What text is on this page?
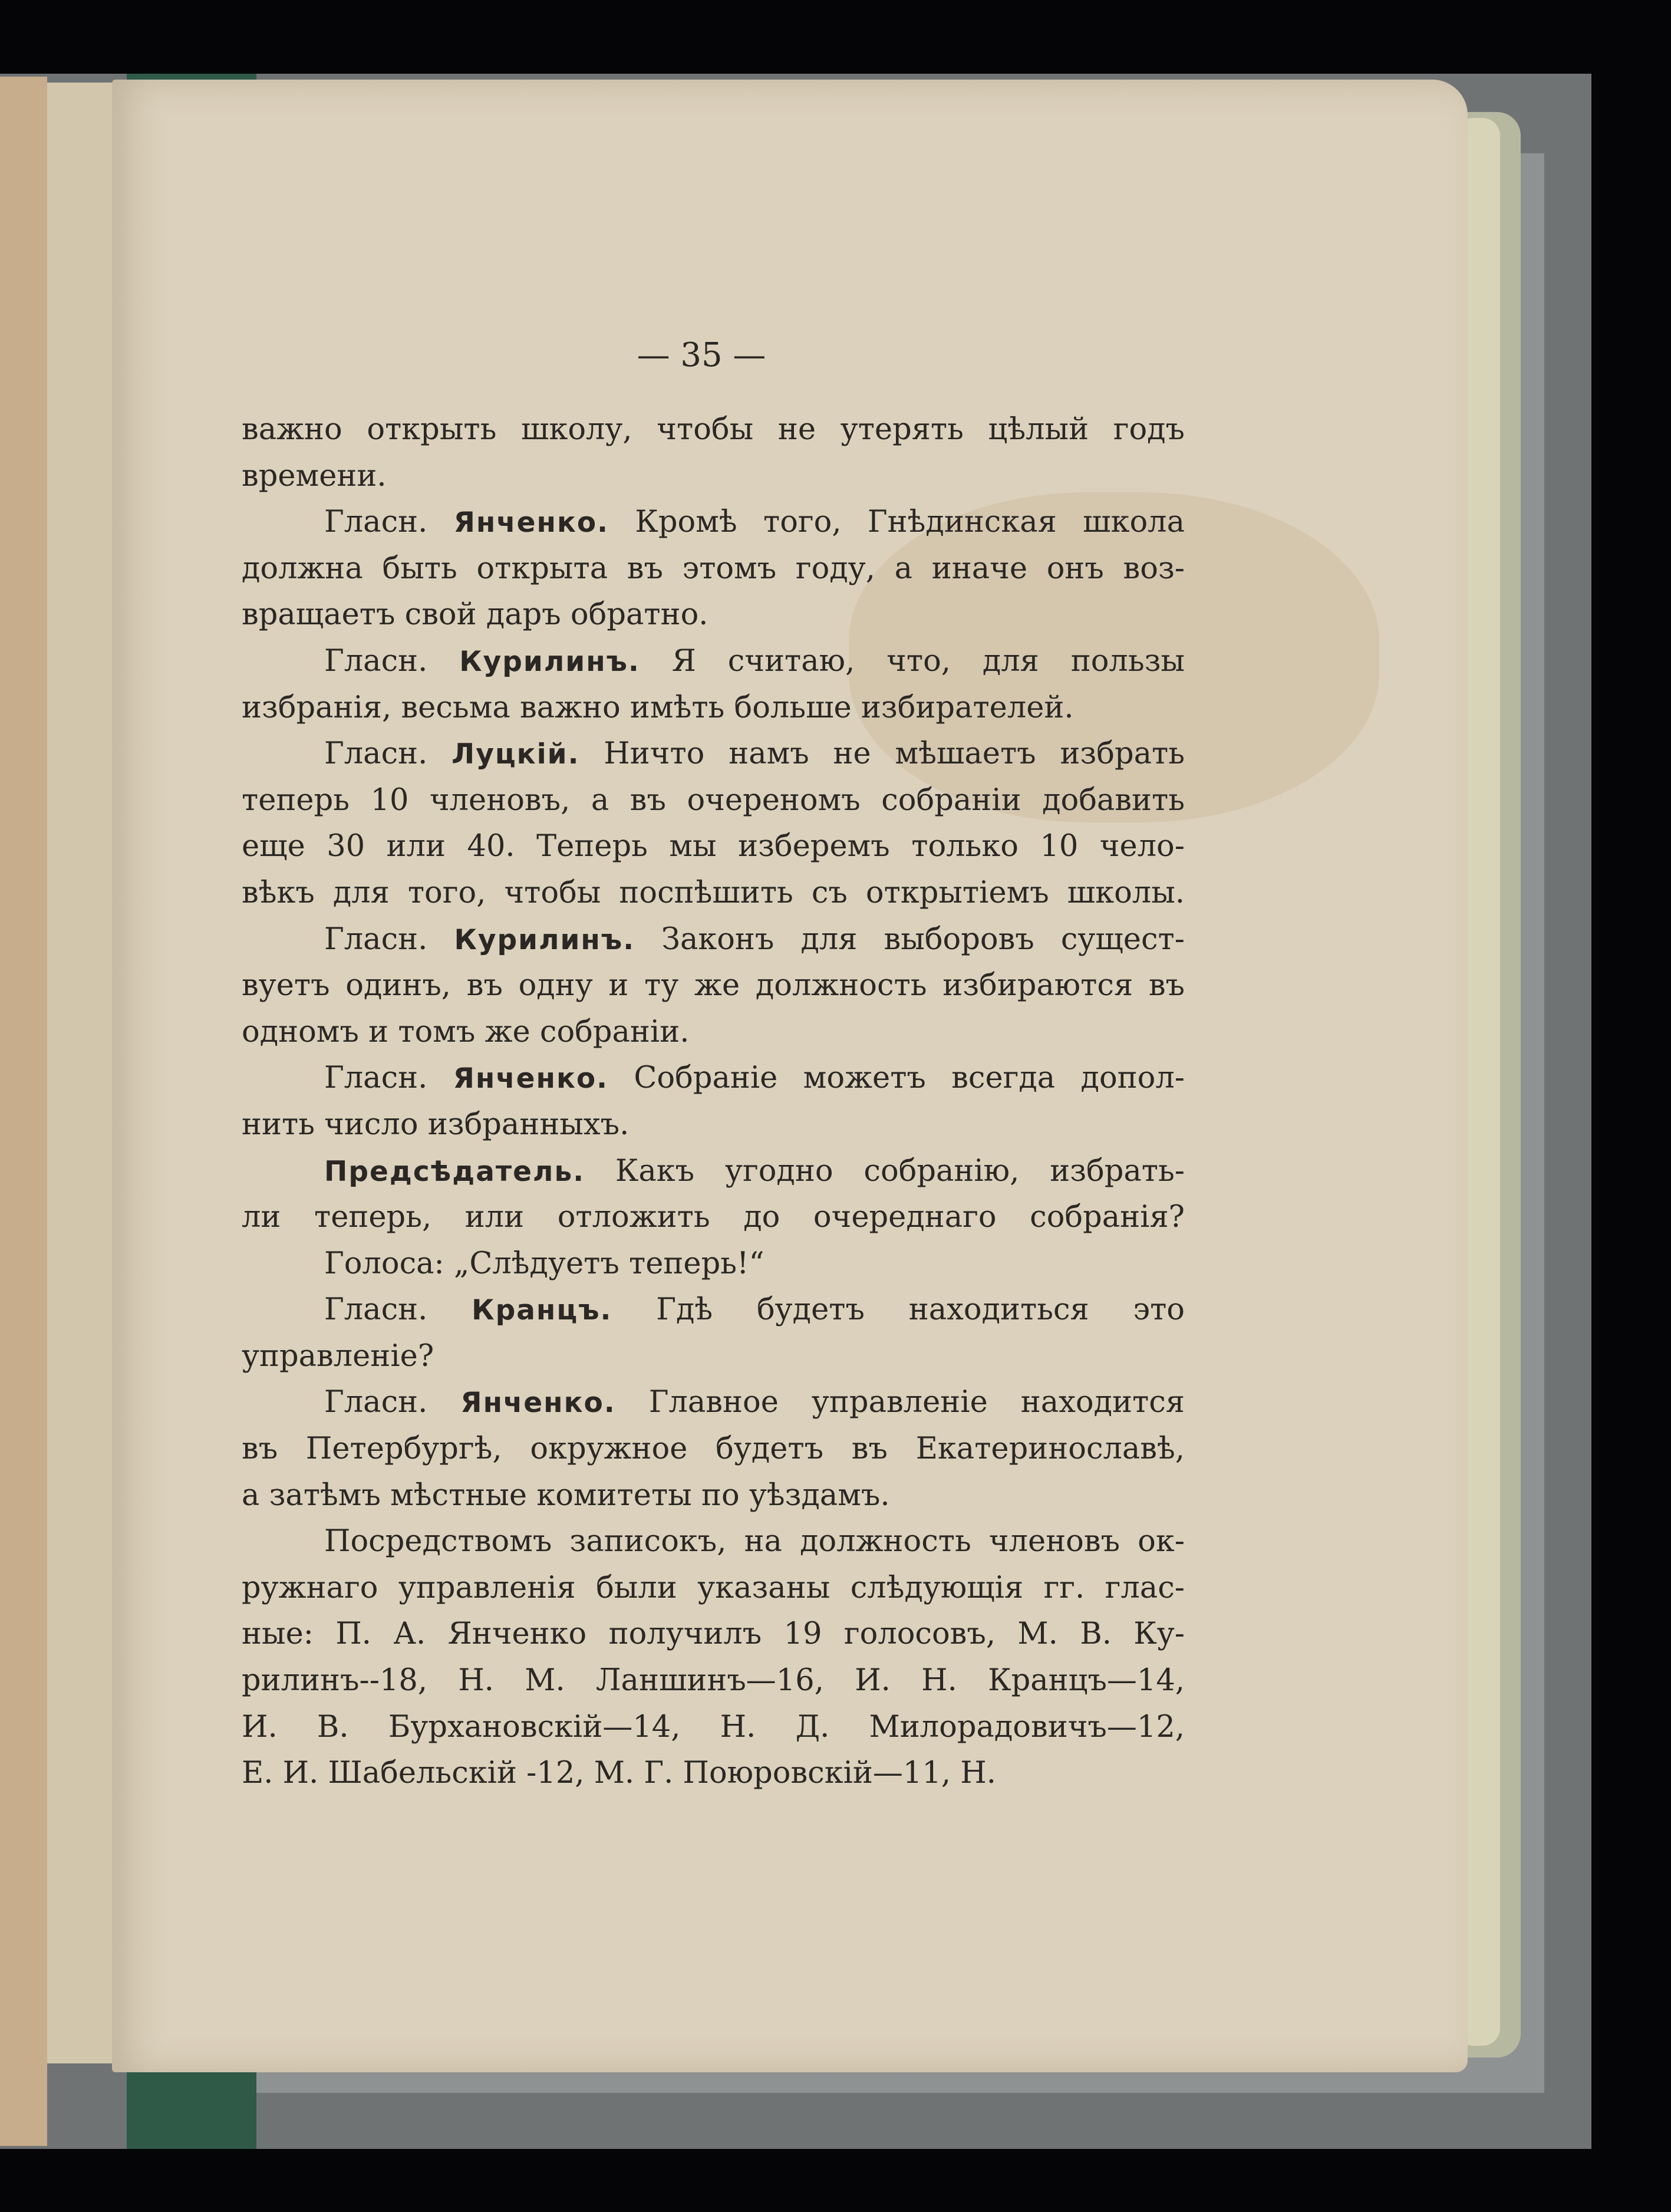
— 35 —
важно открыть школу, чтобы не утерять цѣлый годъ
времени.
Гласн. Янченко. Кромѣ того, Гнѣдинская школа
должна быть открыта въ этомъ году, а иначе онъ воз-
вращаетъ свой даръ обратно.
Гласн. Курилинъ. Я считаю, что, для пользы
избранія, весьма важно имѣть больше избирателей.
Гласн. Луцкій. Ничто намъ не мѣшаетъ избрать
теперь 10 членовъ, а въ очереномъ собраніи добавить
еще 30 или 40. Теперь мы изберемъ только 10 чело-
вѣкъ для того, чтобы поспѣшить съ открытіемъ школы.
Гласн. Курилинъ. Законъ для выборовъ сущест-
вуетъ одинъ, въ одну и ту же должность избираются въ
одномъ и томъ же собраніи.
Гласн. Янченко. Собраніе можетъ всегда допол-
нить число избранныхъ.
Предсѣдатель. Какъ угодно собранію, избрать-
ли теперь, или отложить до очереднаго собранія?
Голоса: „Слѣдуетъ теперь!“
Гласн. Кранцъ. Гдѣ будетъ находиться это
управленіе?
Гласн. Янченко. Главное управленіе находится
въ Петербургѣ, окружное будетъ въ Екатеринославѣ,
а затѣмъ мѣстные комитеты по уѣздамъ.
Посредствомъ записокъ, на должность членовъ ок-
ружнаго управленія были указаны слѣдующія гг. глас-
ные: П. А. Янченко получилъ 19 голосовъ, М. В. Ку-
рилинъ--18, Н. М. Ланшинъ—16, И. Н. Кранцъ—14,
И. В. Бурхановскій—14, Н. Д. Милорадовичъ—12,
Е. И. Шабельскій -12, М. Г. Поюровскій—11, Н.
